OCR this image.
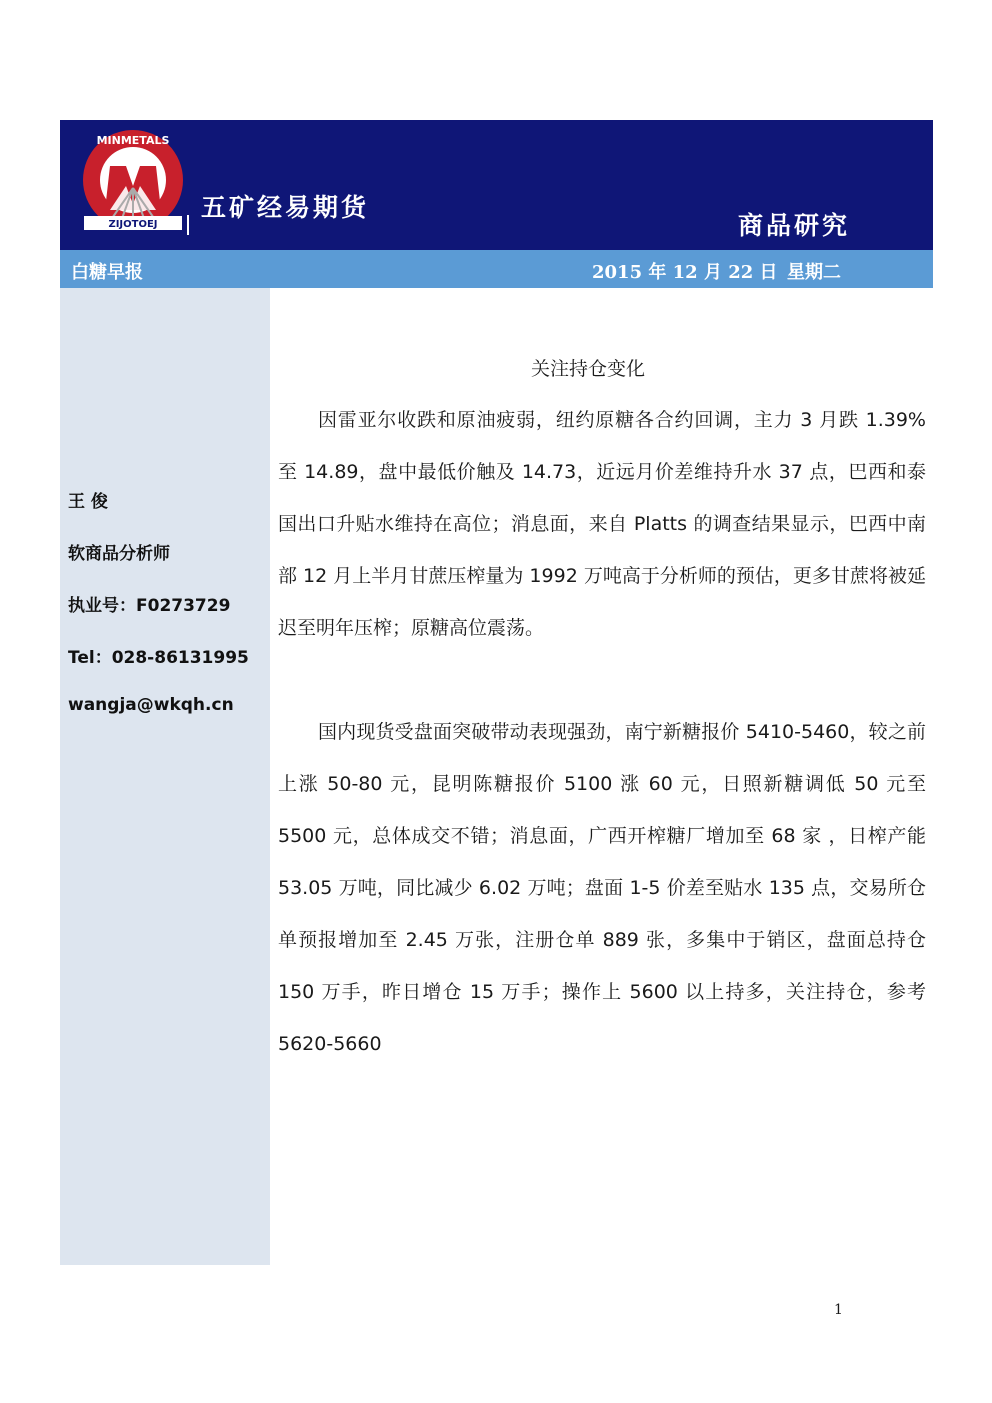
ZIJOTOEJ
MINMETALS
五矿经易期货
商品研究
白糖早报	2015 年 12 月 22 日 星期二
王 俊
软商品分析师
执业号：F0273729
Tel：028-86131995
wangja@wkqh.cn
关注持仓变化
因雷亚尔收跌和原油疲弱，纽约原糖各合约回调，主力 3 月跌 1.39% 至 14.89，盘中最低价触及 14.73，近远月价差维持升水 37 点，巴西和泰国出口升贴水维持在高位；消息面，来自 Platts 的调查结果显示，巴西中南部 12 月上半月甘蔗压榨量为 1992 万吨高于分析师的预估，更多甘蔗将被延迟至明年压榨；原糖高位震荡。
国内现货受盘面突破带动表现强劲，南宁新糖报价 5410-5460，较之前上涨 50-80 元，昆明陈糖报价 5100 涨 60 元，日照新糖调低 50 元至 5500 元，总体成交不错；消息面，广西开榨糖厂增加至 68 家 ，日榨产能 53.05 万吨，同比减少 6.02 万吨；盘面 1-5 价差至贴水 135 点，交易所仓单预报增加至 2.45 万张，注册仓单 889 张，多集中于销区，盘面总持仓 150 万手，昨日增仓 15 万手；操作上 5600 以上持多，关注持仓，参考 5620-5660
1
